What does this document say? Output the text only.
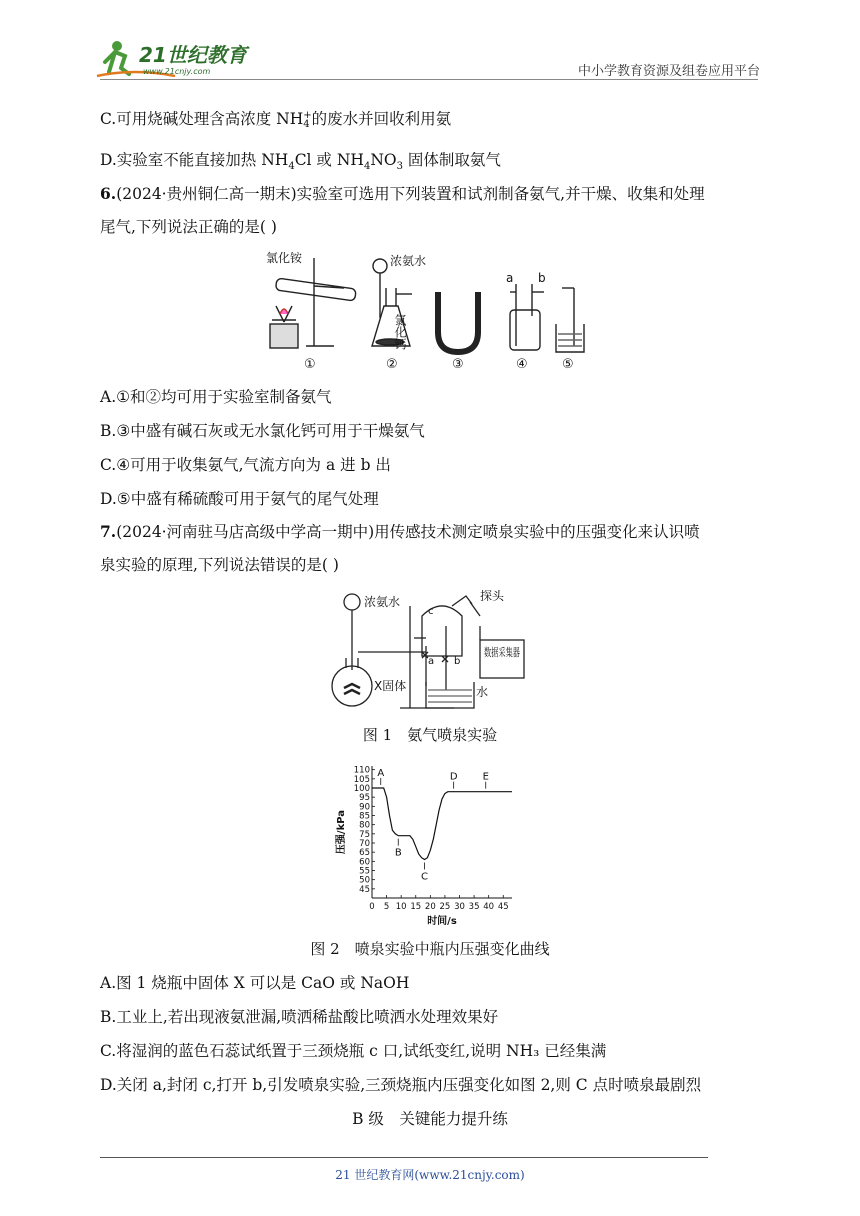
21世纪教育
www.21cnjy.com	中小学教育资源及组卷应用平台
C.可用烧碱处理含高浓度 NH +
4 的废水并回收利用氨
D.实验室不能直接加热 $NH_4Cl$ 或 $NH_4NO_3$ 固体制取氨气
6.(2024·贵州铜仁高一期末)实验室可选用下列装置和试剂制备氨气,并干燥、收集和处理
尾气,下列说法正确的是( )
氯化铵	浓氨水
氯化钙
a b
①	②	③	④	⑤
A.①和②均可用于实验室制备氨气
B.③中盛有碱石灰或无水氯化钙可用于干燥氨气
C.④可用于收集氨气,气流方向为 a 进 b 出
D.⑤中盛有稀硫酸可用于氨气的尾气处理
7.(2024·河南驻马店高级中学高一期中)用传感技术测定喷泉实验中的压强变化来认识喷
泉实验的原理,下列说法错误的是( )
浓氨水	探头
数据采集器
X固体	水
c
a b
图 1　氨气喷泉实验
45
50
55
60
65
70
75
80
85
90
95
100
105
110
0 5 10 15 20 25 30 35 40 45
时间/s
压强/kPa
A
B
C
D	E
图 2　喷泉实验中瓶内压强变化曲线
A.图 1 烧瓶中固体 X 可以是 CaO 或 NaOH
B.工业上,若出现液氨泄漏,喷洒稀盐酸比喷洒水处理效果好
C.将湿润的蓝色石蕊试纸置于三颈烧瓶 c 口,试纸变红,说明 NH₃ 已经集满
D.关闭 a,封闭 c,打开 b,引发喷泉实验,三颈烧瓶内压强变化如图 2,则 C 点时喷泉最剧烈
B 级　关键能力提升练
21 世纪教育网(www.21cnjy.com)
